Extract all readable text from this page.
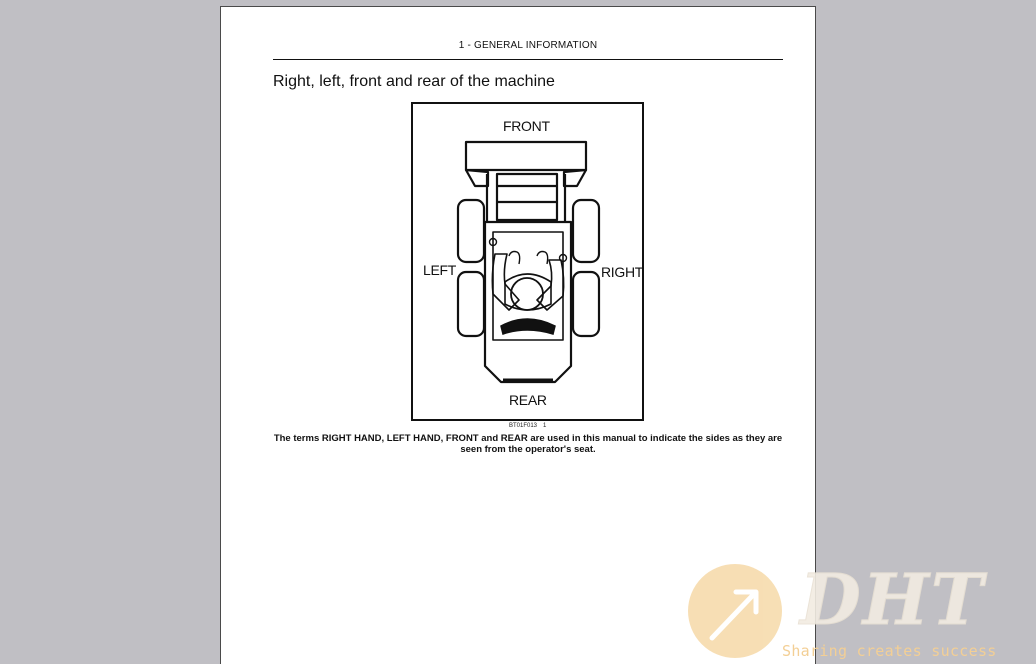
1 - GENERAL INFORMATION
Right, left, front and rear of the machine
FRONT
LEFT	RIGHT
REAR
BT01F013 1
The terms RIGHT HAND, LEFT HAND, FRONT and REAR are used in this manual to indicate the sides as they are seen from the operator's seat.
DHT
Sharing creates success
